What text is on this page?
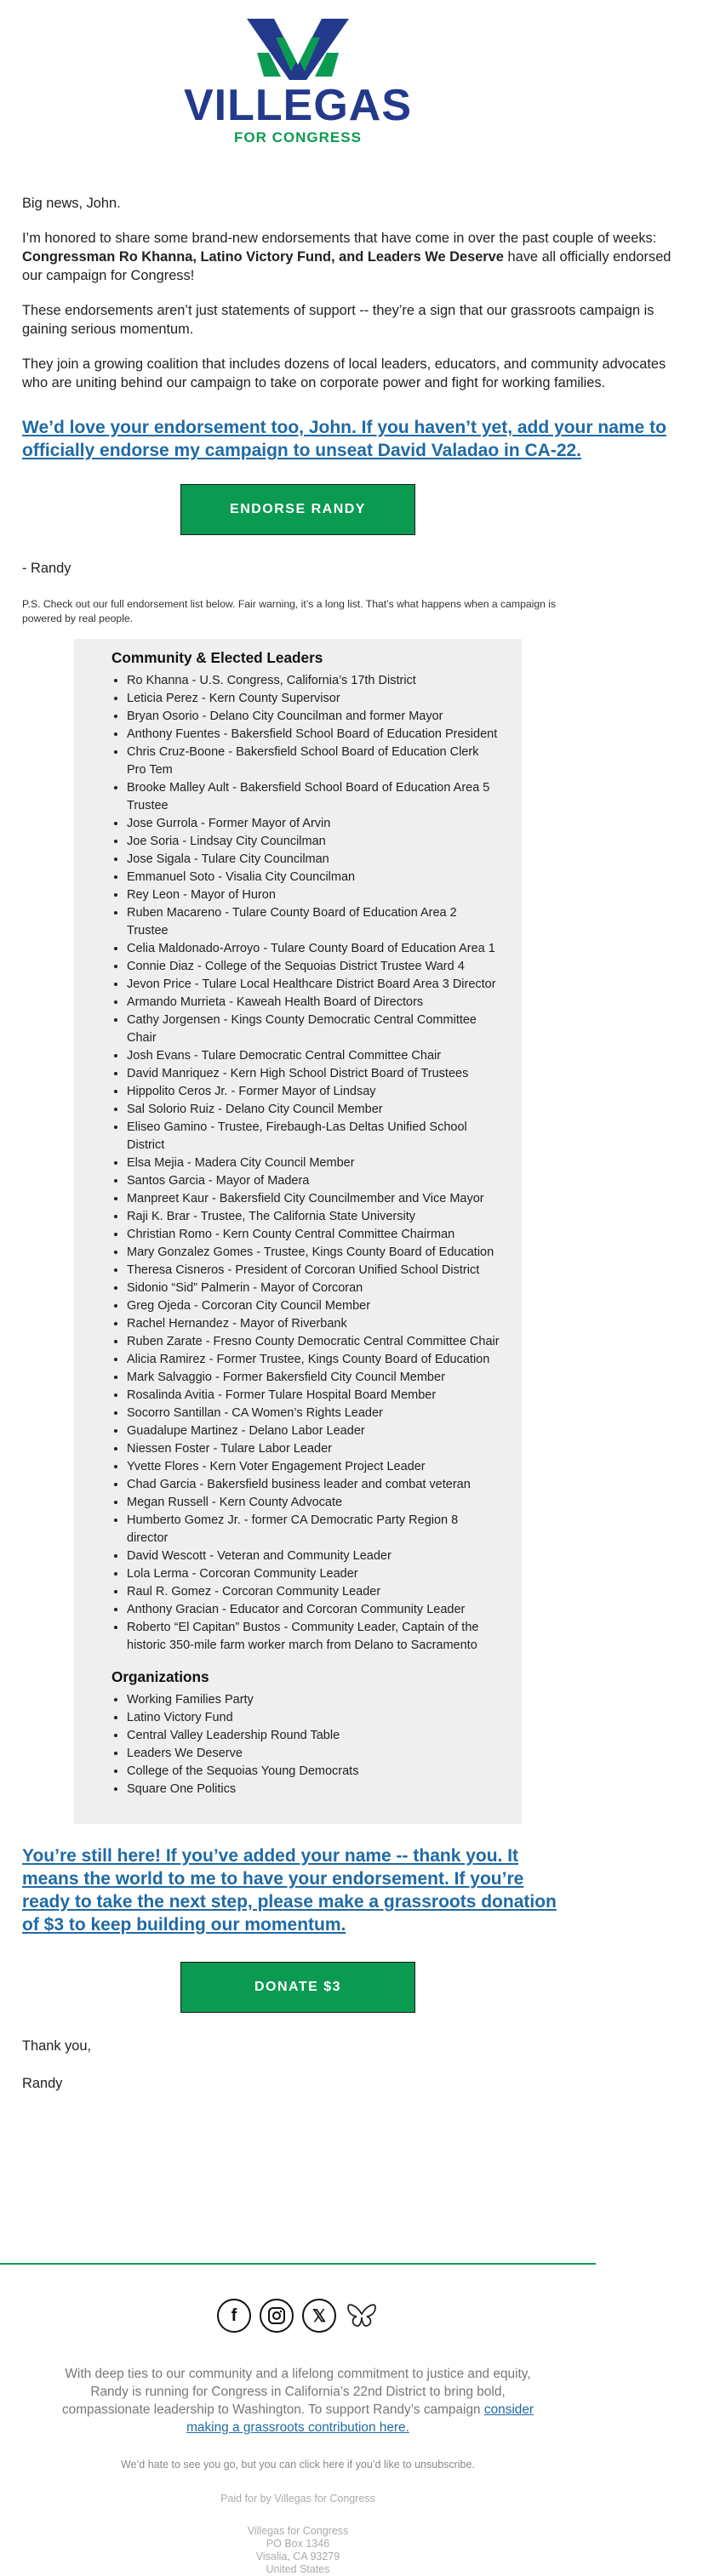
VILLEGAS
FOR CONGRESS

Big news, John.

I’m honored to share some brand-new endorsements that have come in over the past couple of weeks: Congressman Ro Khanna, Latino Victory Fund, and Leaders We Deserve have all officially endorsed our campaign for Congress!

These endorsements aren’t just statements of support -- they’re a sign that our grassroots campaign is gaining serious momentum.

They join a growing coalition that includes dozens of local leaders, educators, and community advocates who are uniting behind our campaign to take on corporate power and fight for working families.

We’d love your endorsement too, John. If you haven’t yet, add your name to officially endorse my campaign to unseat David Valadao in CA-22.
ENDORSE RANDY
- Randy

P.S. Check out our full endorsement list below. Fair warning, it’s a long list. That’s what happens when a campaign is powered by real people.

Community & Elected Leaders
• Ro Khanna - U.S. Congress, California’s 17th District
• Leticia Perez - Kern County Supervisor
• Bryan Osorio - Delano City Councilman and former Mayor
• Anthony Fuentes - Bakersfield School Board of Education President
• Chris Cruz-Boone - Bakersfield School Board of Education Clerk Pro Tem
• Brooke Malley Ault - Bakersfield School Board of Education Area 5 Trustee
• Jose Gurrola - Former Mayor of Arvin
• Joe Soria - Lindsay City Councilman
• Jose Sigala - Tulare City Councilman
• Emmanuel Soto - Visalia City Councilman
• Rey Leon - Mayor of Huron
• Ruben Macareno - Tulare County Board of Education Area 2 Trustee
• Celia Maldonado-Arroyo - Tulare County Board of Education Area 1
• Connie Diaz - College of the Sequoias District Trustee Ward 4
• Jevon Price - Tulare Local Healthcare District Board Area 3 Director
• Armando Murrieta - Kaweah Health Board of Directors
• Cathy Jorgensen - Kings County Democratic Central Committee Chair
• Josh Evans - Tulare Democratic Central Committee Chair
• David Manriquez - Kern High School District Board of Trustees
• Hippolito Ceros Jr. - Former Mayor of Lindsay
• Sal Solorio Ruiz - Delano City Council Member
• Eliseo Gamino - Trustee, Firebaugh-Las Deltas Unified School District
• Elsa Mejia - Madera City Council Member
• Santos Garcia - Mayor of Madera
• Manpreet Kaur - Bakersfield City Councilmember and Vice Mayor
• Raji K. Brar - Trustee, The California State University
• Christian Romo - Kern County Central Committee Chairman
• Mary Gonzalez Gomes - Trustee, Kings County Board of Education
• Theresa Cisneros - President of Corcoran Unified School District
• Sidonio “Sid” Palmerin - Mayor of Corcoran
• Greg Ojeda - Corcoran City Council Member
• Rachel Hernandez - Mayor of Riverbank
• Ruben Zarate - Fresno County Democratic Central Committee Chair
• Alicia Ramirez - Former Trustee, Kings County Board of Education
• Mark Salvaggio - Former Bakersfield City Council Member
• Rosalinda Avitia - Former Tulare Hospital Board Member
• Socorro Santillan - CA Women’s Rights Leader
• Guadalupe Martinez - Delano Labor Leader
• Niessen Foster - Tulare Labor Leader
• Yvette Flores - Kern Voter Engagement Project Leader
• Chad Garcia - Bakersfield business leader and combat veteran
• Megan Russell - Kern County Advocate
• Humberto Gomez Jr. - former CA Democratic Party Region 8 director
• David Wescott - Veteran and Community Leader
• Lola Lerma - Corcoran Community Leader
• Raul R. Gomez - Corcoran Community Leader
• Anthony Gracian - Educator and Corcoran Community Leader
• Roberto “El Capitan” Bustos - Community Leader, Captain of the historic 350-mile farm worker march from Delano to Sacramento
Organizations
• Working Families Party
• Latino Victory Fund
• Central Valley Leadership Round Table
• Leaders We Deserve
• College of the Sequoias Young Democrats
• Square One Politics
You’re still here! If you’ve added your name -- thank you. It means the world to me to have your endorsement. If you’re ready to take the next step, please make a grassroots donation of $3 to keep building our momentum.
DONATE $3
Thank you,
Randy
f	𝕏
With deep ties to our community and a lifelong commitment to justice and equity, Randy is running for Congress in California’s 22nd District to bring bold, compassionate leadership to Washington. To support Randy’s campaign consider making a grassroots contribution here.
We’d hate to see you go, but you can click here if you’d like to unsubscribe.
Paid for by Villegas for Congress
Villegas for Congress
PO Box 1346
Visalia, CA 93279
United States
